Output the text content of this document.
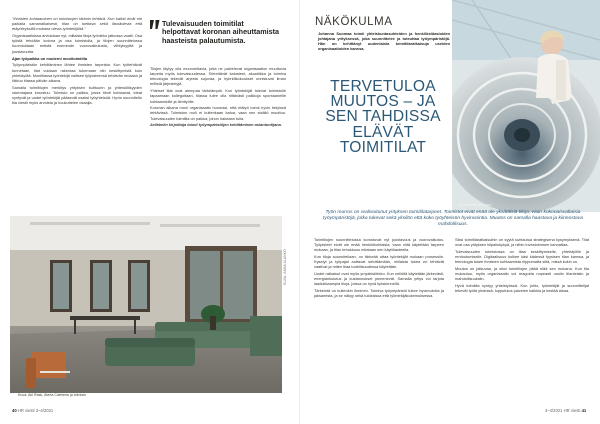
"Ihmisten kohtaaminen on toimistojen tärkein tehtävä. Kun kaikki eivät ole paikalla samanaikaisesti, tilan on tuettava sekä läsnäolevia että etäyhteyksillä mukana olevia työntekijöitä."

Organisaatioissa arvioidaan nyt, millaisia tiloja työnteko jatkossa vaatii. Osa työstä tehdään kotona ja osa toimistolla, ja tilojen suunnittelussa huomioidaan entistä enemmän vuorovaikutusta, viihtyisyyttä ja joustavuutta.

Ajan työpaikka on moderni monitoimitila

Työympäristön kehittäminen lähtee ihmisten tarpeista. Kun työtehtävät tunnetaan, tilat voidaan rakentaa tukemaan niin keskittymistä kuin yhteistyötä. Monitilassa työntekijä valitsee työpisteensä tehtävän mukaan ja liikkuu tilassa päivän aikana.

Samalla toimitilojen merkitys yrityksen kulttuurin ja yhteisöllisyyden rakentajana korostuu. Toimisto on paikka, jossa tiimit kohtaavat, ideat syntyvät ja uudet työntekijät pääsevät osaksi työyhteisöä. Hyvin suunniteltu tila viestii myös arvoista ja houkuttelee osaajia.

Tulevaisuuden toimitilat helpottavat koronan aiheuttamista haasteista palautumista.

Tilojen täytyy olla muunneltavia, jotta ne palvelevat organisaation muuttuvia tarpeita myös tulevaisuudessa. Siirrettävät kalusteet, akustiikka ja toimiva teknologia tekevät arjesta sujuvaa, ja hybridikokoukset onnistuvat ilman erillisiä järjestelyjä.

Yhteiset tilat ovat aiempaa tärkeämpiä. Kun työntekijät tulevat toimistolle tapaamaan kollegoitaan, tilassa tulee olla riittävästi paikkoja spontaaneille kohtaamisille ja tiimityölle.

Koronan aikana moni organisaatio huomasi, että etätyö toimii hyvin tietyissä tehtävissä. Toimiston rooli ei kuitenkaan katoa, vaan sen sisältö muuttuu. Tulevaisuuden toimitila on paikka, johon halutaan tulla.

Artikkelin kirjoittaja toimii työympäristöjen kehittämisen asiantuntijana.

Kuva: Aki Rask, Ateria Cafeteria ja toimisto
KUVA: ANNA ALANKO
40 HR viesti 3–4/2021
NÄKÖKULMA

Johanna Suomaa toimii yhteiskuntasuhteiden ja henkilöstöasioiden johtajana yrityksessä, joka suunnittelee ja toteuttaa työympäristöjä. Hän on kehittänyt uudenlaisia toimitilaratkaisuja useiden organisaatioiden kanssa.

TERVETULOA MUUTOS – JA SEN TAHDISSA ELÄVÄT TOIMITILAT
Kuva: Maria Neuvonen
Työn murros on realisoitunut yrityksen toimitilatarpeet. Toimistot eivät enää ole yksittäisiä tiloja, vaan kokonaisvaltaisia työympäristöjä, jotka tukevat sekä yksilön että koko työyhteisön hyvinvointia. Muutos on samalla haastava ja kiinnostava mahdollisuus.

Toimitilojen suunnittelussa korostuvat nyt joustavuus ja vuorovaikutus. Työpisteet eivät ole enää henkilökohtaisia, vaan niitä käytetään tarpeen mukaan, ja tilan tehokkuus mitataan sen käyttöasteella.

Kun tiloja suunnitellaan, on tärkeää ottaa työntekijät mukaan prosessiin. Kyselyt ja työpajat auttavat selvittämään, millaista tukea eri tehtävät vaativat ja miten tilaa todellisuudessa käytetään.

Uudet ratkaisut ovat myös ympäristöteko. Kun neliöitä käytetään järkevästi, energiankulutus ja kustannukset pienenevät. Samalla yritys voi tarjota laadukkaampia tiloja, joissa on hyvä työskennellä.

Tärkeintä on kuitenkin ihminen. Toimiva työympäristö tukee hyvinvointia ja jaksamista, ja se näkyy sekä tuloksissa että työntekijäkokemuksessa.

Siksi toimitilaratkaisuihin on syytä suhtautua strategisena kysymyksenä. Tilat ovat osa yrityksen kilpailukykyä, ja niihin investoiminen kannattaa.

Tulevaisuuden toimistossa on tilaa keskittymiselle, yhteistyölle ja rentoutumiselle. Digitaalisuus kulkee käsi kädessä fyysisen tilan kanssa, ja teknologia tukee ihmisten kohtaamista riippumatta siitä, missä kukin on.

Muutos on jatkuvaa, ja siksi toimitilojen pitää elää sen mukana. Kun tila mukautuu, myös organisaatio voi reagoida nopeasti uusiin tilanteisiin ja mahdollisuuksiin.

Hyvä toimitila syntyy yhteistyössä. Kun johto, työntekijät ja suunnittelijat tekevät työtä yhdessä, lopputulos palvelee kaikkia ja kestää aikaa.

3–4/2021 HR viesti 41
